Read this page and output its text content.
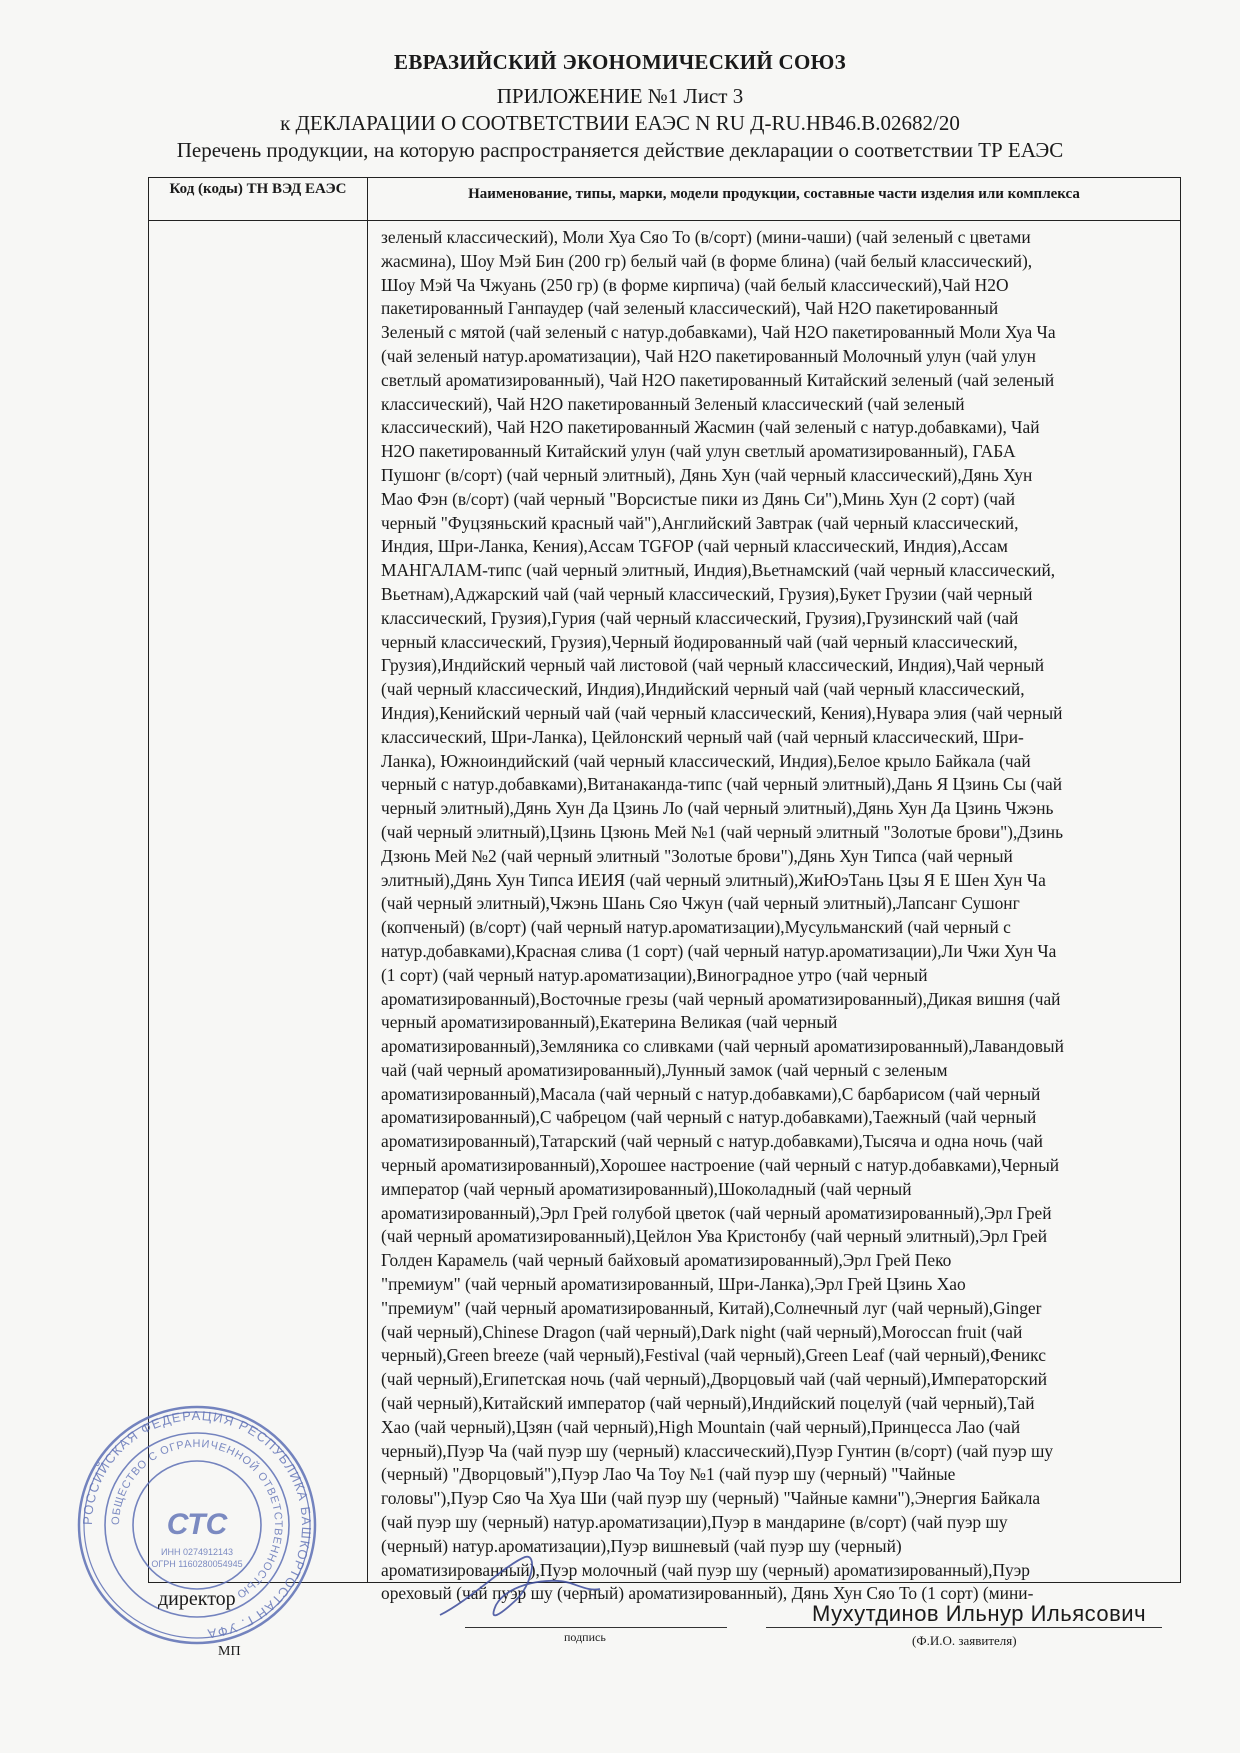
ЕВРАЗИЙСКИЙ ЭКОНОМИЧЕСКИЙ СОЮЗ
ПРИЛОЖЕНИЕ №1 Лист 3
к ДЕКЛАРАЦИИ О СООТВЕТСТВИИ ЕАЭС N RU Д-RU.HB46.B.02682/20
Перечень продукции, на которую распространяется действие декларации о соответствии ТР ЕАЭС
Код (коды) ТН ВЭД ЕАЭС	Наименование, типы, марки, модели продукции, составные части изделия или комплекса
зеленый классический), Моли Хуа Сяо То (в/сорт) (мини-чаши) (чай зеленый с цветами
жасмина), Шоу Мэй Бин (200 гр) белый чай (в форме блина) (чай белый классический),
Шоу Мэй Ча Чжуань (250 гр) (в форме кирпича) (чай белый классический),Чай Н2О
пакетированный Ганпаудер (чай зеленый классический), Чай Н2О пакетированный
Зеленый с мятой (чай зеленый с натур.добавками), Чай Н2О пакетированный Моли Хуа Ча
(чай зеленый натур.ароматизации), Чай Н2О пакетированный Молочный улун (чай улун
светлый ароматизированный), Чай Н2О пакетированный Китайский зеленый (чай зеленый
классический), Чай Н2О пакетированный Зеленый классический (чай зеленый
классический), Чай Н2О пакетированный Жасмин (чай зеленый с натур.добавками), Чай
Н2О пакетированный Китайский улун (чай улун светлый ароматизированный), ГАБА
Пушонг (в/сорт) (чай черный элитный), Дянь Хун (чай черный классический),Дянь Хун
Мао Фэн (в/сорт) (чай черный "Ворсистые пики из Дянь Си"),Минь Хун (2 сорт) (чай
черный "Фуцзяньский красный чай"),Английский Завтрак (чай черный классический,
Индия, Шри-Ланка, Кения),Ассам TGFOP (чай черный классический, Индия),Ассам
МАНГАЛАМ-типс (чай черный элитный, Индия),Вьетнамский (чай черный классический,
Вьетнам),Аджарский чай (чай черный классический, Грузия),Букет Грузии (чай черный
классический, Грузия),Гурия (чай черный классический, Грузия),Грузинский чай (чай
черный классический, Грузия),Черный йодированный чай (чай черный классический,
Грузия),Индийский черный чай листовой (чай черный классический, Индия),Чай черный
(чай черный классический, Индия),Индийский черный чай (чай черный классический,
Индия),Кенийский черный чай (чай черный классический, Кения),Нувара элия (чай черный
классический, Шри-Ланка), Цейлонский черный чай (чай черный классический, Шри-
Ланка), Южноиндийский (чай черный классический, Индия),Белое крыло Байкала (чай
черный с натур.добавками),Витанаканда-типс (чай черный элитный),Дань Я Цзинь Сы (чай
черный элитный),Дянь Хун Да Цзинь Ло (чай черный элитный),Дянь Хун Да Цзинь Чжэнь
(чай черный элитный),Цзинь Цзюнь Мей №1 (чай черный элитный "Золотые брови"),Дзинь
Дзюнь Мей №2 (чай черный элитный "Золотые брови"),Дянь Хун Типса (чай черный
элитный),Дянь Хун Типса ИЕИЯ (чай черный элитный),ЖиЮэТань Цзы Я Е Шен Хун Ча
(чай черный элитный),Чжэнь Шань Сяо Чжун (чай черный элитный),Лапсанг Сушонг
(копченый) (в/сорт) (чай черный натур.ароматизации),Мусульманский (чай черный с
натур.добавками),Красная слива (1 сорт) (чай черный натур.ароматизации),Ли Чжи Хун Ча
(1 сорт) (чай черный натур.ароматизации),Виноградное утро (чай черный
ароматизированный),Восточные грезы (чай черный ароматизированный),Дикая вишня (чай
черный ароматизированный),Екатерина Великая (чай черный
ароматизированный),Земляника со сливками (чай черный ароматизированный),Лавандовый
чай (чай черный ароматизированный),Лунный замок (чай черный с зеленым
ароматизированный),Масала (чай черный с натур.добавками),С барбарисом (чай черный
ароматизированный),С чабрецом (чай черный с натур.добавками),Таежный (чай черный
ароматизированный),Татарский (чай черный с натур.добавками),Тысяча и одна ночь (чай
черный ароматизированный),Хорошее настроение (чай черный с натур.добавками),Черный
император (чай черный ароматизированный),Шоколадный (чай черный
ароматизированный),Эрл Грей голубой цветок (чай черный ароматизированный),Эрл Грей
(чай черный ароматизированный),Цейлон Ува Кристонбу (чай черный элитный),Эрл Грей
Голден Карамель (чай черный байховый ароматизированный),Эрл Грей Пеко
"премиум" (чай черный ароматизированный, Шри-Ланка),Эрл Грей Цзинь Хао
"премиум" (чай черный ароматизированный, Китай),Солнечный луг (чай черный),Ginger
(чай черный),Chinese Dragon (чай черный),Dark night (чай черный),Moroccan fruit (чай
черный),Green breeze (чай черный),Festival (чай черный),Green Leaf (чай черный),Феникс
(чай черный),Египетская ночь (чай черный),Дворцовый чай (чай черный),Императорский
(чай черный),Китайский император (чай черный),Индийский поцелуй (чай черный),Тай
Хао (чай черный),Цзян (чай черный),High Mountain (чай черный),Принцесса Лао (чай
черный),Пуэр Ча (чай пуэр шу (черный) классический),Пуэр Гунтин (в/сорт) (чай пуэр шу
(черный) "Дворцовый"),Пуэр Лао Ча Тоу №1 (чай пуэр шу (черный) "Чайные
головы"),Пуэр Сяо Ча Хуа Ши (чай пуэр шу (черный) "Чайные камни"),Энергия Байкала
(чай пуэр шу (черный) натур.ароматизации),Пуэр в мандарине (в/сорт) (чай пуэр шу
(черный) натур.ароматизации),Пуэр вишневый (чай пуэр шу (черный)
ароматизированный),Пуэр молочный (чай пуэр шу (черный) ароматизированный),Пуэр
ореховый (чай пуэр шу (черный) ароматизированный), Дянь Хун Сяо То (1 сорт) (мини-
РОССИЙСКАЯ ФЕДЕРАЦИЯ РЕСПУБЛИКА БАШКОРТОСТАН Г. УФА
ОБЩЕСТВО С ОГРАНИЧЕННОЙ ОТВЕТСТВЕННОСТЬЮ
СТС
ИНН 0274912143
ОГРН 1160280054945
директор
МП
подпись
Мухутдинов Ильнур Ильясович
(Ф.И.О. заявителя)
